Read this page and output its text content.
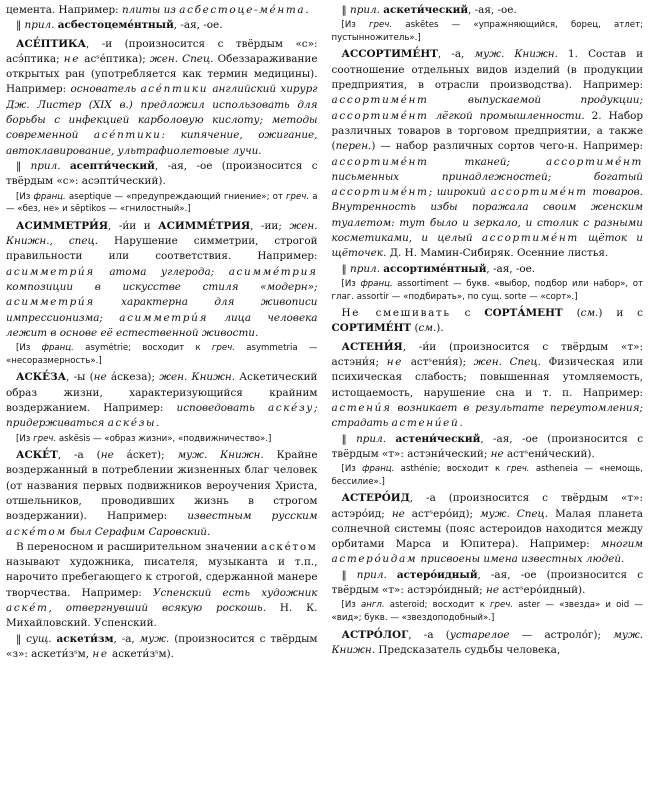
цемента. Например: плиты из асбестоце-мéнта.

‖ прил. асбестоцемéнтный, -ая, -ое.

АСЕ́ПТИКА, -и (произносится с твёрдым «с»: асэ́птика; не асˢе́птика); жен. Спец. Обеззараживание открытых ран (употребляется как термин медицины). Например: основатель асе́птики английский хирург Дж. Листер (XIX в.) предложил использовать для борьбы с инфекцией карболовую кислоту; методы современной асе́птики: кипячение, ожигание, автоклавирование, ультрафиолетовые лучи.

‖ прил. асепти́ческий, -ая, -ое (произносится с твёрдым «с»: асэпти́ческий).

[Из франц. aseptique — «предупреждающий гниение»; от греч. a — «без, не» и sēptikos — «гнилостный».]

АСИММЕТРИ́Я, -и́и и АСИММЕ́ТРИЯ, -ии; жен. Книжн., спец. Нарушение симметрии, строгой правильности или соответствия. Например: асимметри́я атома углерода; асимме́трия композиции в искусстве стиля «модерн»; асимметри́я характерна для живописи импрессионизма; асимметри́я лица человека лежит в основе её естественной живости.

[Из франц. asymétrie; восходит к греч. asymmetria — «несоразмерность».]

АСКЕ́ЗА, -ы (не а́скеза); жен. Книжн. Аскетический образ жизни, характеризующийся крайним воздержанием. Например: исповедовать аске́зу; придерживаться аске́зы.

[Из греч. askēsis — «образ жизни», «подвижничество».]

АСКЕ́Т, -а (не а́скет); муж. Книжн. Крайне воздержанный в потреблении жизненных благ человек (от названия первых подвижников вероучения Христа, отшельников, проводивших жизнь в строгом воздержании). Например: известным русским аске́том был Серафим Саровский.

В переносном и расширительном значении аске́том называют художника, писателя, музыканта и т.п., нарочито пребегающего к строгой, сдержанной манере творчества. Например: Успенский есть художник аске́т, отвергнувший всякую роскошь. Н. К. Михайловский. Успенский.

‖ сущ. аскети́зм, -а, муж. (произносится с твёрдым «з»: аскети́зˢм, не аскети́зˢм).

‖ прил. аскети́ческий, -ая, -ое.

[Из греч. askētes — «упражняющийся, борец, атлет; пустынножитель».]

АССОРТИМЕ́НТ, -а, муж. Книжн. 1. Состав и соотношение отдельных видов изделий (в продукции предприятия, в отрасли производства). Например: ассортиме́нт выпускаемой продукции; ассортиме́нт лёгкой промышленности. 2. Набор различных товаров в торговом предприятии, а также (перен.) — набор различных сортов чего-н. Например: ассортиме́нт тканей; ассортиме́нт письменных принадлежностей; богатый ассортиме́нт; широкий ассортиме́нт товаров. Внутренность избы поражала своим женским туалетом: тут было и зеркало, и столик с разными косметиками, и целый ассортиме́нт щёток и щёточек. Д. Н. Мамин-Сибиряк. Осенние листья.

‖ прил. ассортиме́нтный, -ая, -ое.

[Из франц. assortiment — букв. «выбор, подбор или набор», от глаг. assortir — «подбирать», по сущ. sorte — «сорт».]

Не смешивать с СОРТА́МЕНТ (см.) и с СОРТИМЕ́НТ (см.).

АСТЕНИ́Я, -и́и (произносится с твёрдым «т»: астэни́я; не астˢени́я); жен. Спец. Физическая или психическая слабость; повышенная утомляемость, истощаемость, нарушение сна и т. п. Например: астени́я возникает в результате переутомления; страдать астени́ей.

‖ прил. астени́ческий, -ая, -ое (произносится с твёрдым «т»: астэни́ческий; не астˢени́ческий).

[Из франц. asthénie; восходит к греч. astheneia — «немощь, бессилие».]

АСТЕРО́ИД, -а (произносится с твёрдым «т»: астэро́ид; не астˢеро́ид); муж. Спец. Малая планета солнечной системы (пояс астероидов находится между орбитами Марса и Юпитера). Например: многим астеро́идам присвоены имена известных людей.

‖ прил. астеро́идный, -ая, -ое (произносится с твёрдым «т»: астэро́идный; не астˢеро́идный).

[Из англ. asteroid; восходит к греч. aster — «звезда» и oid — «вид»; букв. — «звездоподобный».]

АСТРО́ЛОГ, -а (устарелое — астроло́г); муж. Книжн. Предсказатель судьбы человека,
